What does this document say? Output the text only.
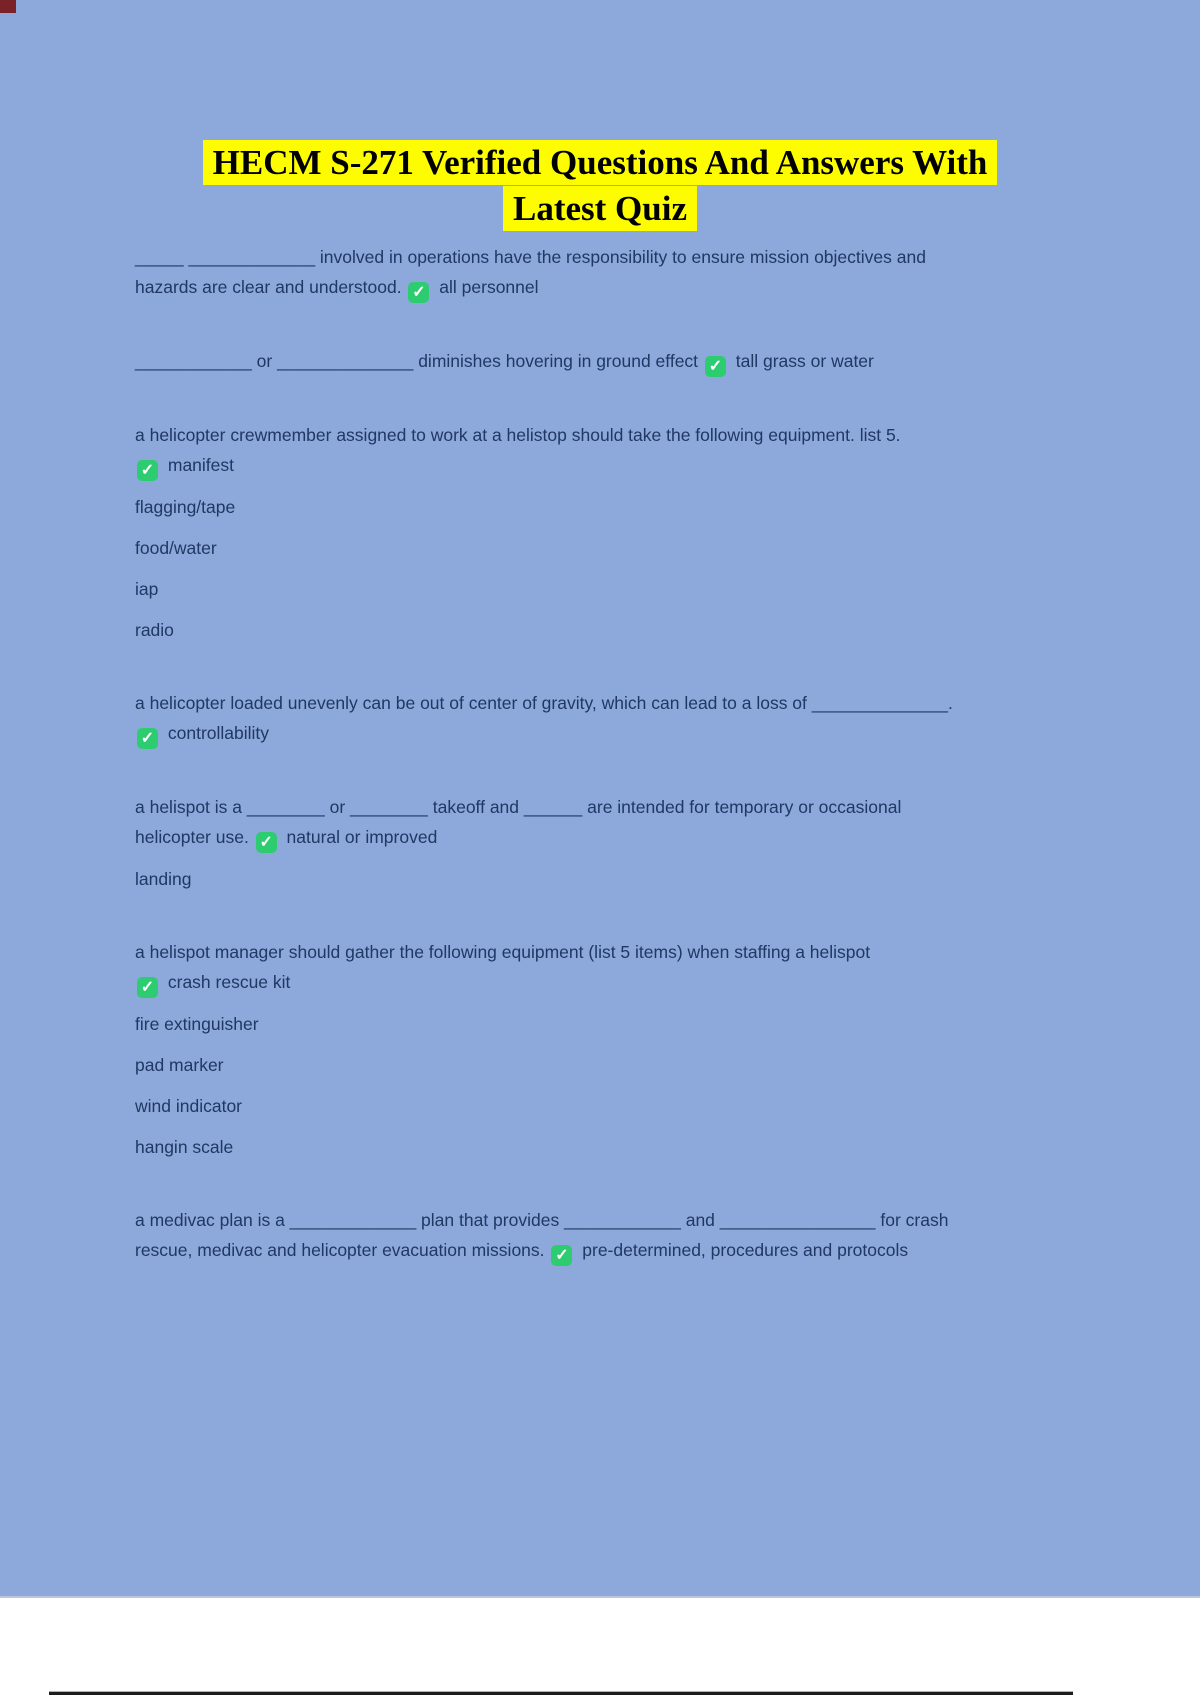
HECM S-271 Verified Questions And Answers With
Latest Quiz

_____ _____________ involved in operations have the responsibility to ensure mission objectives and
hazards are clear and understood. ✓ all personnel

____________ or ______________ diminishes hovering in ground effect ✓ tall grass or water

a helicopter crewmember assigned to work at a helistop should take the following equipment. list 5.

✓ manifest

flagging/tape

food/water

iap

radio

a helicopter loaded unevenly can be out of center of gravity, which can lead to a loss of ______________.

✓ controllability

a helispot is a ________ or ________ takeoff and ______ are intended for temporary or occasional
helicopter use. ✓ natural or improved

landing

a helispot manager should gather the following equipment (list 5 items) when staffing a helispot

✓ crash rescue kit

fire extinguisher

pad marker

wind indicator

hangin scale

a medivac plan is a _____________ plan that provides ____________ and ________________ for crash
rescue, medivac and helicopter evacuation missions. ✓ pre-determined, procedures and protocols
